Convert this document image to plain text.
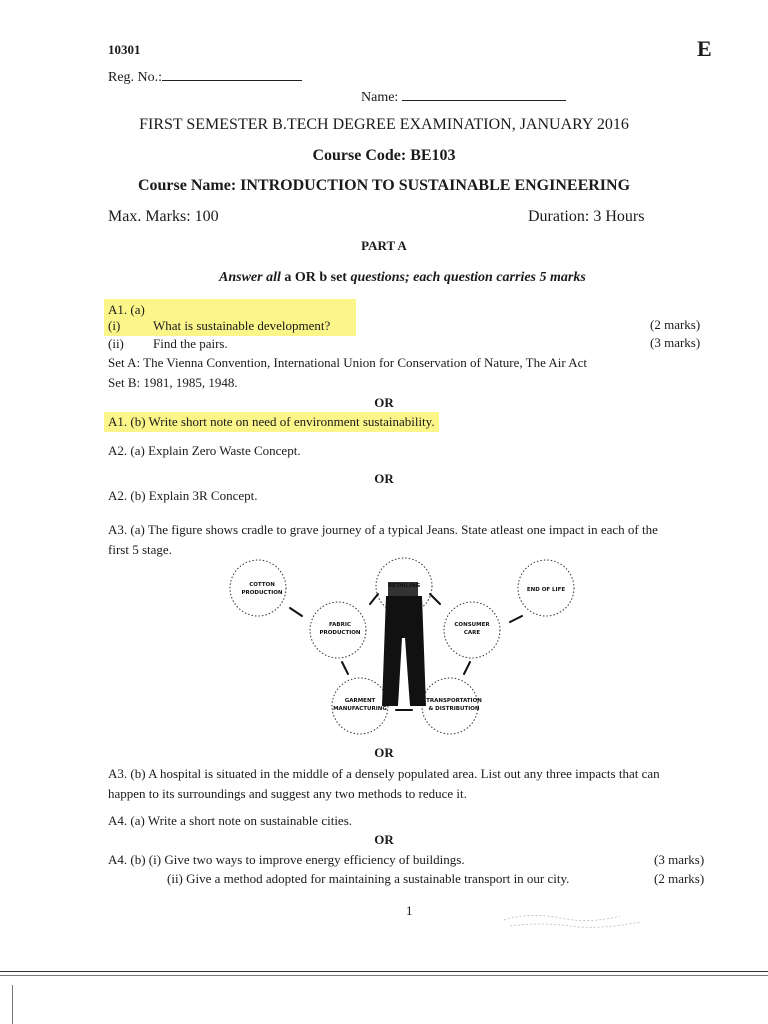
10301	E
Reg. No.:
Name:
FIRST SEMESTER B.TECH DEGREE EXAMINATION, JANUARY 2016
Course Code: BE103
Course Name: INTRODUCTION TO SUSTAINABLE ENGINEERING
Max. Marks: 100	Duration: 3 Hours
PART A
Answer all a OR b set questions; each question carries 5 marks
A1. (a)
(i)	What is sustainable development?	(2 marks)
(ii) Find the pairs.	(3 marks)
Set A: The Vienna Convention, International Union for Conservation of Nature, The Air Act
Set B: 1981, 1985, 1948.
OR
A1. (b) Write short note on need of environment sustainability.
A2. (a) Explain Zero Waste Concept.
OR
A2. (b) Explain 3R Concept.
A3. (a) The figure shows cradle to grave journey of a typical Jeans. State atleast one impact in each of the
first 5 stage.
COTTON
PRODUCTION
FABRIC
PRODUCTION
GARMENT
MANUFACTURING
TRANSPORTATION
& DISTRIBUTION
CONSUMER
CARE
END OF LIFE
RETAILING
OR
A3. (b) A hospital is situated in the middle of a densely populated area. List out any three impacts that can
happen to its surroundings and suggest any two methods to reduce it.
A4. (a) Write a short note on sustainable cities.
OR
A4. (b) (i) Give two ways to improve energy efficiency of buildings.	(3 marks)
(ii) Give a method adopted for maintaining a sustainable transport in our city.	(2 marks)
1
